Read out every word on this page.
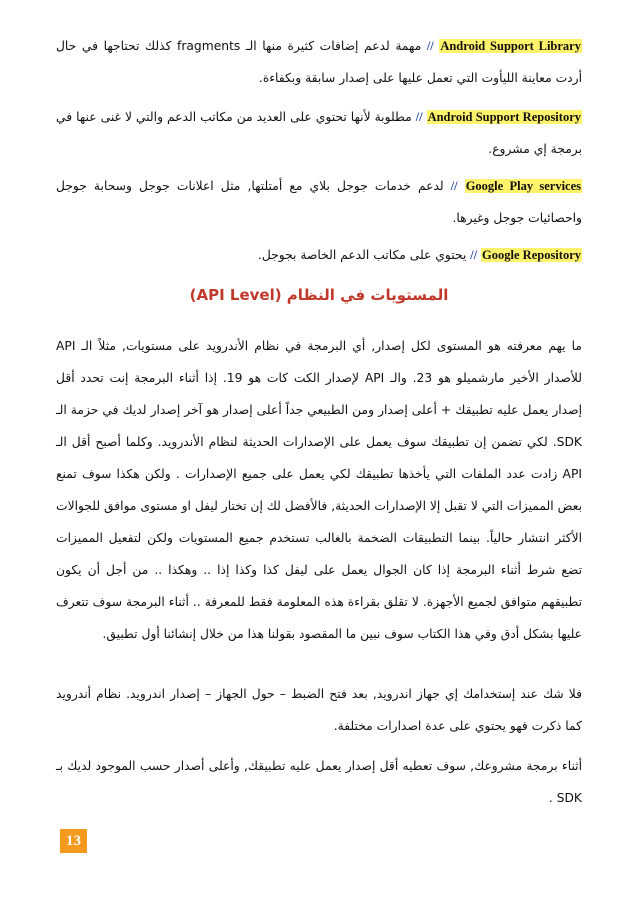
Android Support Library // مهمة لدعم إضافات كثيرة منها الـ fragments كذلك تحتاجها في حال أردت معاينة الليأوت التي تعمل عليها على إصدار سابقة وبكفاءة.

Android Support Repository // مطلوبة لأنها تحتوي على العديد من مكاتب الدعم والتي لا غنى عنها في برمجة إي مشروع.

Google Play services // لدعم خدمات جوجل بلاي مع أمتلتها, مثل اعلانات جوجل وسحابة جوجل واحصائيات جوجل وغيرها.

Google Repository // يحتوي على مكاتب الدعم الخاصة بجوجل.

المستويات في النظام (API Level)

ما يهم معرفته هو المستوى لكل إصدار, أي البرمجة في نظام الأندرويد على مستويات, مثلاً الـ API للأصدار الأخير مارشميلو هو 23. والـ API لإصدار الكت كات هو 19. إذا أثناء البرمجة إنت تحدد أقل إصدار يعمل عليه تطبيقك + أعلى إصدار ومن الطبيعي جداً أعلى إصدار هو آخر إصدار لديك في حزمة الـ SDK. لكي تضمن إن تطبيقك سوف يعمل على الإصدارات الحديثة لنظام الأندرويد. وكلما أصبح أقل الـ API زادت عدد الملفات التي يأخذها تطبيقك لكي يعمل على جميع الإصدارات . ولكن هكذا سوف تمنع بعض المميزات التي لا تقبل إلا الإصدارات الحديثة, فالأفضل لك إن تختار ليفل او مستوى موافق للجوالات الأكثر انتشار حالياً. بينما التطبيقات الضخمة بالغالب تستخدم جميع المستويات ولكن لتفعيل المميزات تضع شرط أثناء البرمجة إذا كان الجوال يعمل على ليفل كذا وكذا إذا .. وهكذا .. من أجل أن يكون تطبيقهم متوافق لجميع الأجهزة. لا تقلق بقراءة هذه المعلومة فقط للمعرفة .. أثناء البرمجة سوف تتعرف عليها بشكل أدق وفي هذا الكتاب سوف نبين ما المقصود بقولنا هذا من خلال إنشائنا أول تطبيق.

فلا شك عند إستخدامك إي جهاز اندرويد, بعد فتح الضبط – حول الجهاز – إصدار اندرويد. نظام أندرويد كما ذكرت فهو يحتوي على عدة اصدارات مختلفة.

أثناء برمجة مشروعك, سوف تعطيه أقل إصدار يعمل عليه تطبيقك, وأعلى أصدار حسب الموجود لديك بـ SDK .

13
